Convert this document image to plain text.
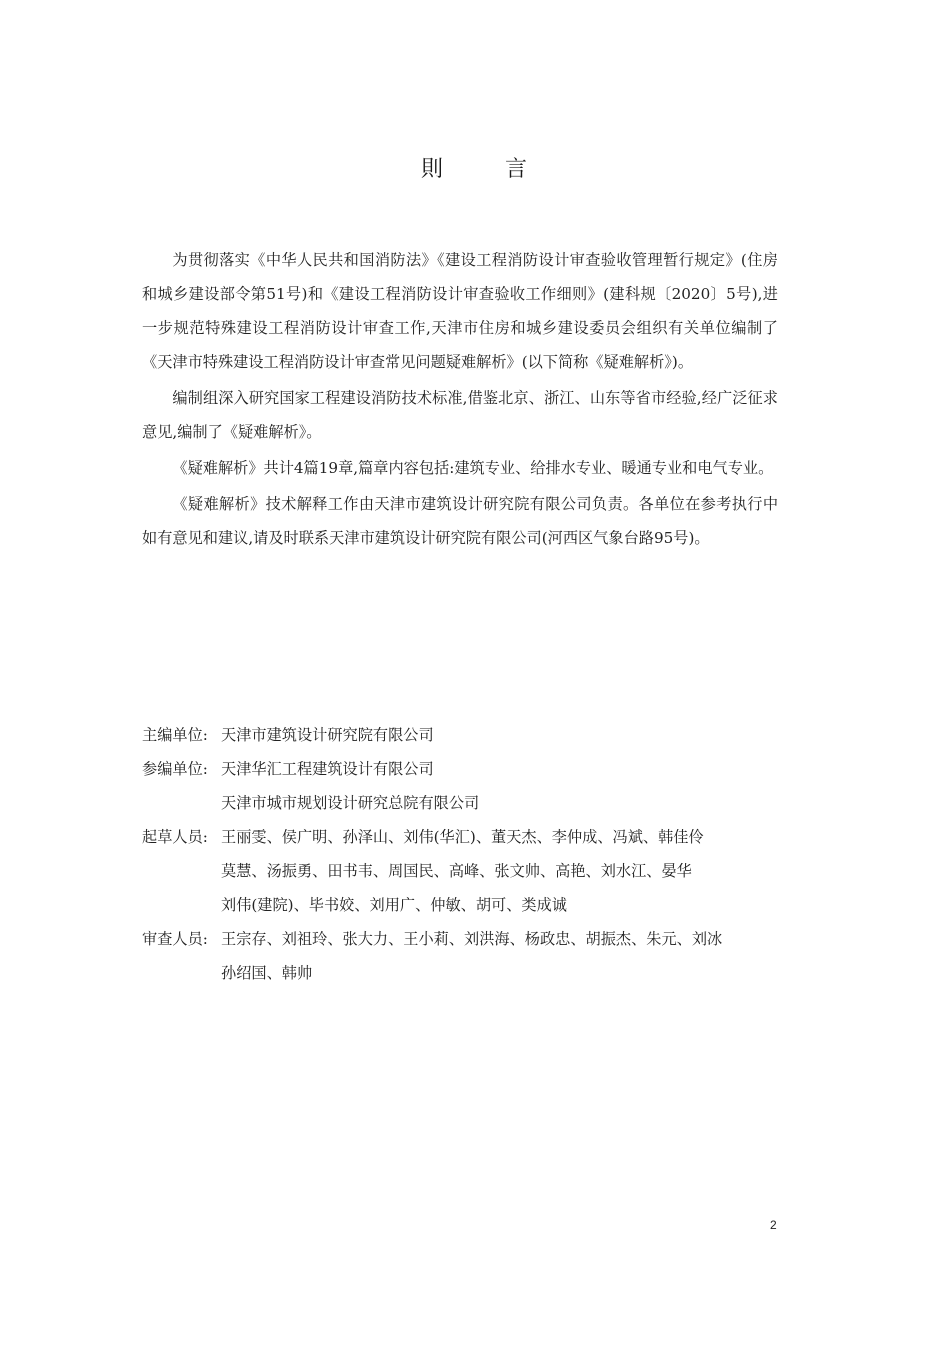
則	言

为贯彻落实《中华人民共和国消防法》《建设工程消防设计审查验收管理暂行规定》(住房和城乡建设部令第51号)和《建设工程消防设计审查验收工作细则》(建科规〔2020〕5号),进一步规范特殊建设工程消防设计审查工作,天津市住房和城乡建设委员会组织有关单位编制了《天津市特殊建设工程消防设计审查常见问题疑难解析》(以下简称《疑难解析》)。

编制组深入研究国家工程建设消防技术标准,借鉴北京、浙江、山东等省市经验,经广泛征求意见,编制了《疑难解析》。

《疑难解析》共计4篇19章,篇章内容包括:建筑专业、给排水专业、暖通专业和电气专业。

《疑难解析》技术解释工作由天津市建筑设计研究院有限公司负责。各单位在参考执行中如有意见和建议,请及时联系天津市建筑设计研究院有限公司(河西区气象台路95号)。

主编单位: 天津市建筑设计研究院有限公司
参编单位: 天津华汇工程建筑设计有限公司
天津市城市规划设计研究总院有限公司
起草人员: 王丽雯、侯广明、孙泽山、刘伟(华汇)、董天杰、李仲成、冯斌、韩佳伶
莫慧、汤振勇、田书韦、周国民、高峰、张文帅、高艳、刘水江、晏华
刘伟(建院)、毕书姣、刘用广、仲敏、胡可、类成诚
审查人员: 王宗存、刘祖玲、张大力、王小莉、刘洪海、杨政忠、胡振杰、朱元、刘冰
孙绍国、韩帅
2
